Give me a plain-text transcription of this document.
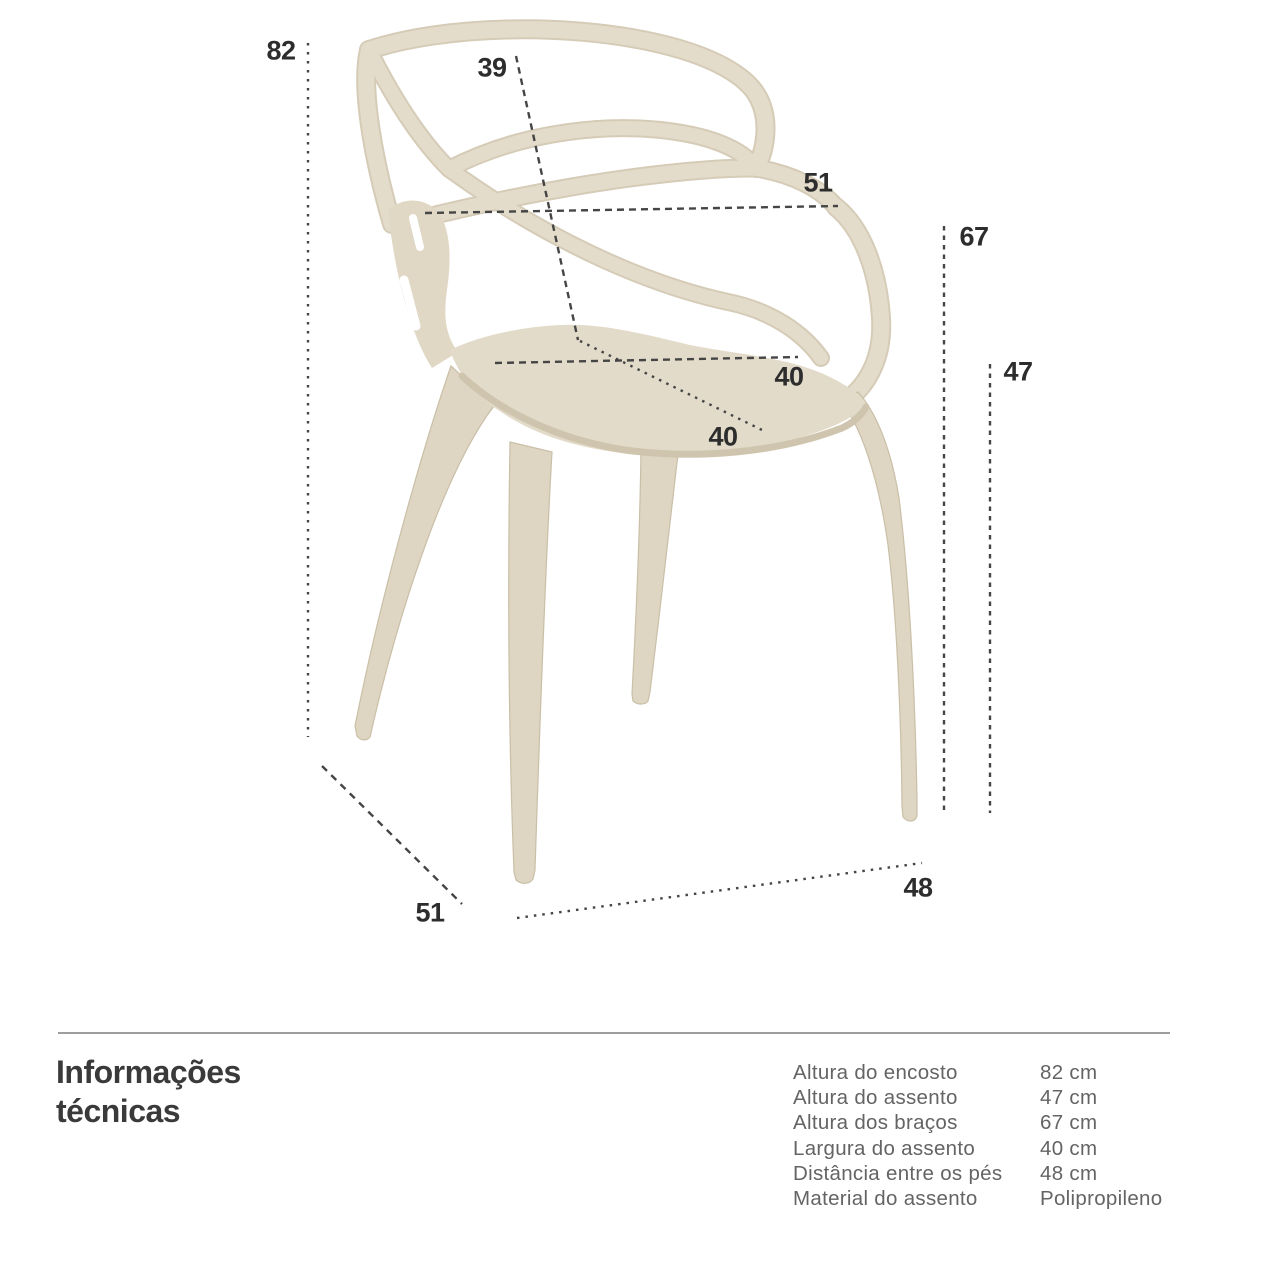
82
39
51
67
47
40
40
51
48
Informações
técnicas
Altura do encosto	82 cm
Altura do assento	47 cm
Altura dos braços	67 cm
Largura do assento	40 cm
Distância entre os pés	48 cm
Material do assento	Polipropileno
